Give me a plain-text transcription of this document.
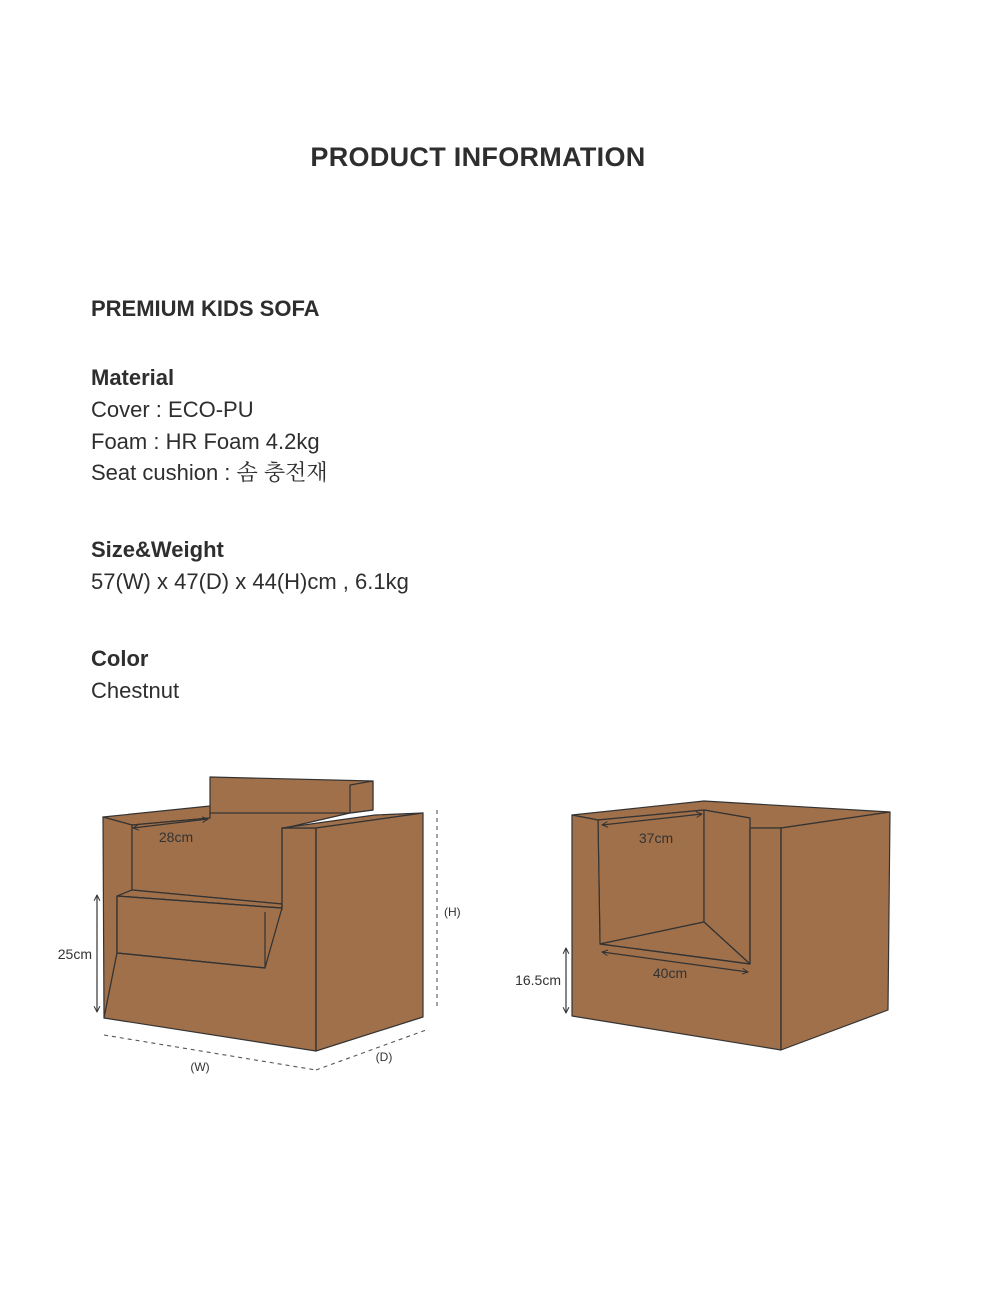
PRODUCT INFORMATION
PREMIUM KIDS SOFA
Material
Cover : ECO-PU
Foam : HR Foam 4.2kg
Seat cushion : 솜 충전재
Size&Weight
57(W) x 47(D) x 44(H)cm , 6.1kg
Color
Chestnut
28cm
25cm
(H)
(W)
(D)
37cm
40cm
16.5cm
